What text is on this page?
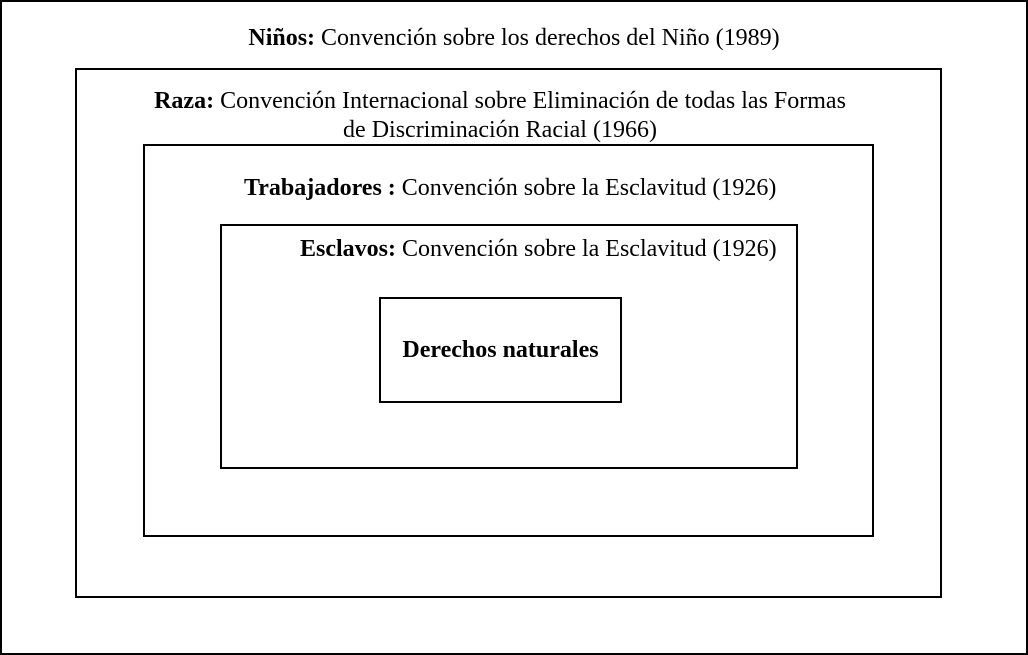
Niños: Convención sobre los derechos del Niño (1989)
Raza: Convención Internacional sobre Eliminación de todas las Formas
de Discriminación Racial (1966)
Trabajadores : Convención sobre la Esclavitud (1926)
Esclavos: Convención sobre la Esclavitud (1926)
Derechos naturales
